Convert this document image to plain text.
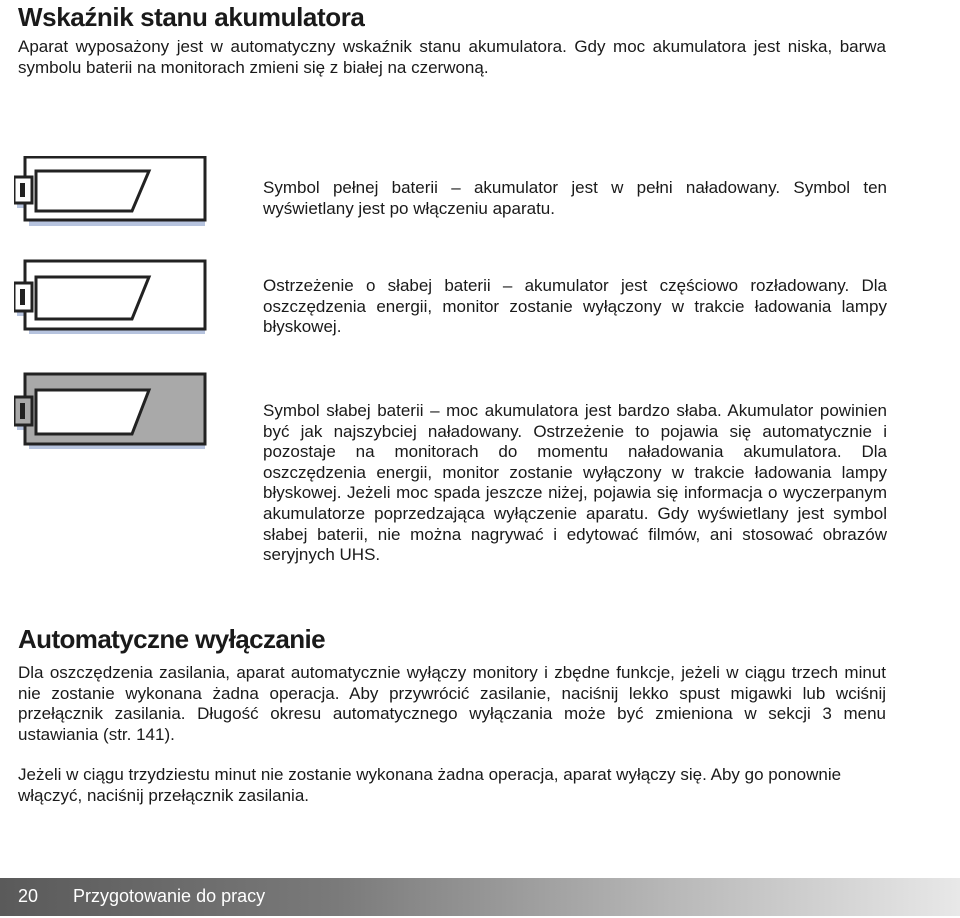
Wskaźnik stanu akumulatora

Aparat wyposażony jest w automatyczny wskaźnik stanu akumulatora. Gdy moc akumulatora jest niska, barwa symbolu baterii na monitorach zmieni się z białej na czerwoną.

Symbol pełnej baterii – akumulator jest w pełni naładowany. Symbol ten wyświetlany jest po włączeniu aparatu.

Ostrzeżenie o słabej baterii – akumulator jest częściowo rozładowany. Dla oszczędzenia energii, monitor zostanie wyłączony w trakcie ładowania lampy błyskowej.

Symbol słabej baterii – moc akumulatora jest bardzo słaba. Akumulator powinien być jak najszybciej naładowany. Ostrzeżenie to pojawia się automatycznie i pozostaje na monitorach do momentu naładowania akumulatora. Dla oszczędzenia energii, monitor zostanie wyłączony w trakcie ładowania lampy błyskowej. Jeżeli moc spada jeszcze niżej, pojawia się informacja o wyczerpanym akumulatorze poprzedzająca wyłączenie aparatu. Gdy wyświetlany jest symbol słabej baterii, nie można nagrywać i edytować filmów, ani stosować obrazów seryjnych UHS.

Automatyczne wyłączanie

Dla oszczędzenia zasilania, aparat automatycznie wyłączy monitory i zbędne funkcje, jeżeli w ciągu trzech minut nie zostanie wykonana żadna operacja. Aby przywrócić zasilanie, naciśnij lekko spust migawki lub wciśnij przełącznik zasilania. Długość okresu automatycznego wyłączania może być zmieniona w sekcji 3 menu ustawiania (str. 141).

Jeżeli w ciągu trzydziestu minut nie zostanie wykonana żadna operacja, aparat wyłączy się. Aby go ponownie włączyć, naciśnij przełącznik zasilania.

20 Przygotowanie do pracy
